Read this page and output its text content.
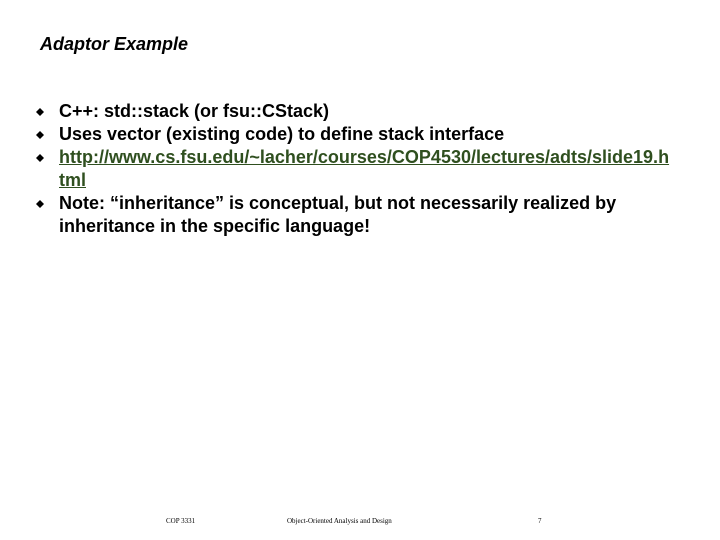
Adaptor Example
C++: std::stack (or fsu::CStack)
Uses vector (existing code) to define stack interface
http://www.cs.fsu.edu/~lacher/courses/COP4530/lectures/adts/slide19.html
Note: “inheritance” is conceptual, but not necessarily realized by inheritance in the specific language!
COP 3331	Object-Oriented Analysis and Design	7
